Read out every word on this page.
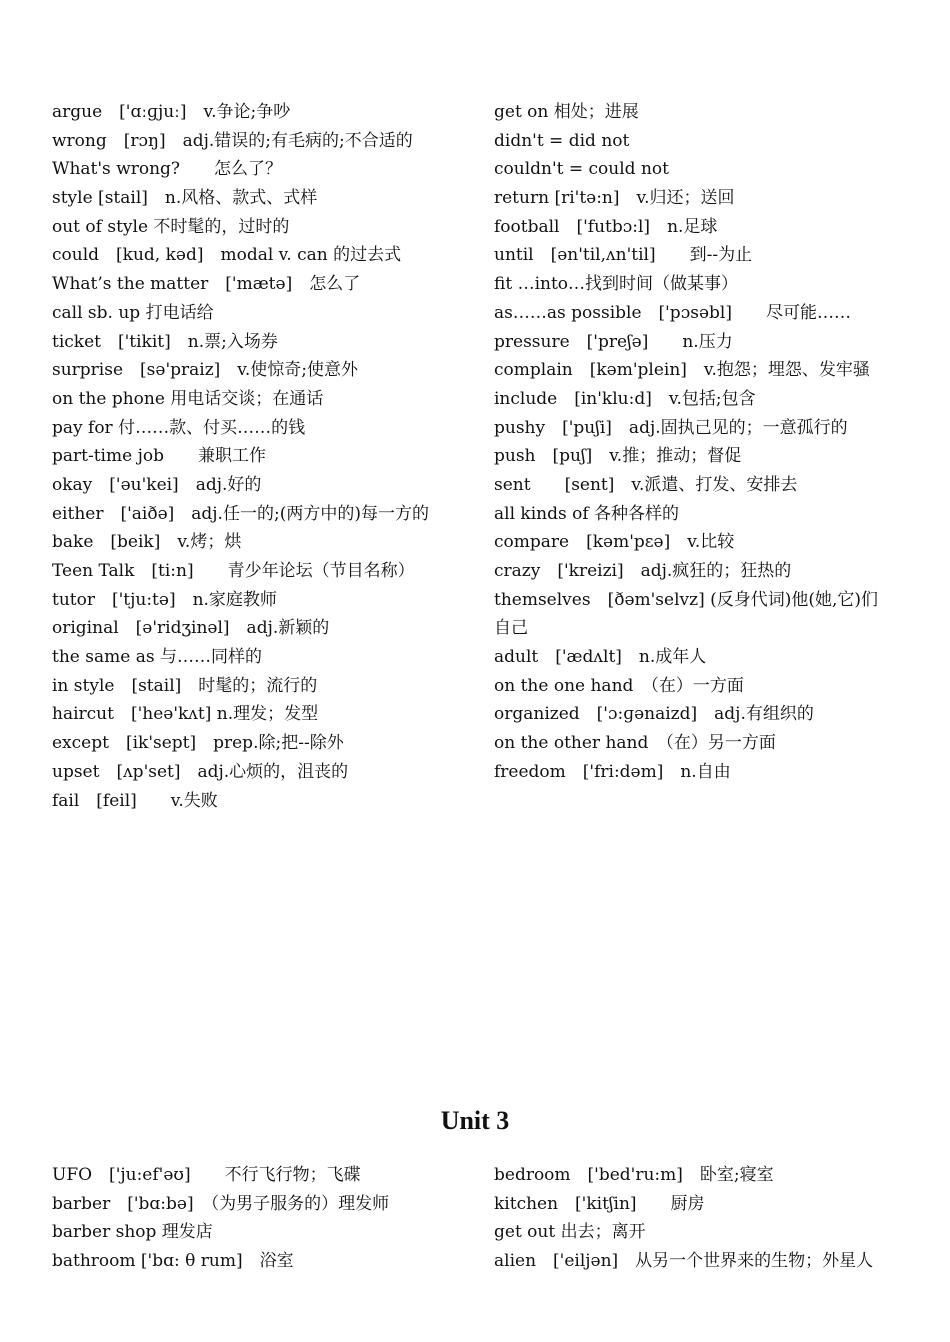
argue　['ɑːɡjuː]　v.争论;争吵
wrong　[rɔŋ]　adj.错误的;有毛病的;不合适的
What's wrong?　　怎么了？
style [stail]　n.风格、款式、式样
out of style 不时髦的，过时的
could　[kud, kəd]　modal v. can 的过去式
What’s the matter　['mætə]　怎么了
call sb. up 打电话给
ticket　['tikit]　n.票;入场券
surprise　[sə'praiz]　v.使惊奇;使意外
on the phone 用电话交谈；在通话
pay for 付……款、付买……的钱
part-time job　　兼职工作
okay　['əu'kei]　adj.好的
either　['aiðə]　adj.任一的;(两方中的)每一方的
bake　[beik]　v.烤；烘
Teen Talk　[ti:n]　　青少年论坛（节目名称）
tutor　['tju:tə]　n.家庭教师
original　[ə'ridʒinəl]　adj.新颖的
the same as 与……同样的
in style　[stail]　时髦的；流行的
haircut　['heə'kʌt] n.理发；发型
except　[ik'sept]　prep.除;把--除外
upset　[ʌp'set]　adj.心烦的，沮丧的
fail　[feil]　　v.失败
get on 相处；进展
didn't = did not
couldn't = could not
return [ri'tə:n]　v.归还；送回
football　['futbɔ:l]　n.足球
until　[ən'til,ʌn'til]　　到--为止
fit …into…找到时间（做某事）
as……as possible　['pɔsəbl]　　尽可能……
pressure　['preʃə]　　n.压力
complain　[kəm'plein]　v.抱怨；埋怨、发牢骚
include　[in'klu:d]　v.包括;包含
pushy　['puʃi]　adj.固执己见的；一意孤行的
push　[puʃ]　v.推；推动；督促
sent　　[sent]　v.派遣、打发、安排去
all kinds of 各种各样的
compare　[kəm'pɛə]　v.比较
crazy　['kreizi]　adj.疯狂的；狂热的
themselves　[ðəm'selvz] (反身代词)他(她,它)们
自己
adult　['ædʌlt]　n.成年人
on the one hand　（在）一方面
organized　['ɔ:ɡənaizd]　adj.有组织的
on the other hand　（在）另一方面
freedom　['fri:dəm]　n.自由
Unit 3
UFO　['ju:ef'əʊ]　　不行飞行物；飞碟
barber　['bɑ:bə]　（为男子服务的）理发师
barber shop 理发店
bathroom ['bɑ: θ rum]　浴室
bedroom　['bed'ru:m]　卧室;寝室
kitchen　['kitʃin]　　厨房
get out 出去；离开
alien　['eiljən]　从另一个世界来的生物；外星人
